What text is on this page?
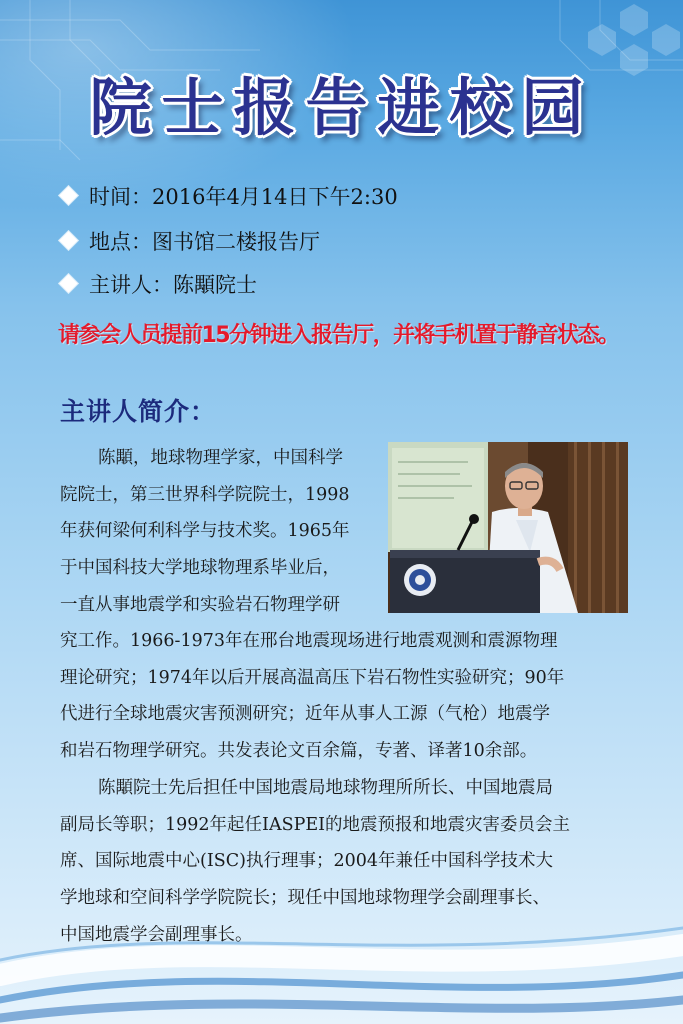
院士报告进校园
时间：2016年4月14日下午2:30
地点：图书馆二楼报告厅
主讲人：陈顒院士
请参会人员提前15分钟进入报告厅，并将手机置于静音状态。
主讲人简介：

陈顒，地球物理学家，中国科学

院院士，第三世界科学院院士，1998

年获何梁何利科学与技术奖。1965年

于中国科技大学地球物理系毕业后，

一直从事地震学和实验岩石物理学研

究工作。1966-1973年在邢台地震现场进行地震观测和震源物理

理论研究；1974年以后开展高温高压下岩石物性实验研究；90年

代进行全球地震灾害预测研究；近年从事人工源（气枪）地震学

和岩石物理学研究。共发表论文百余篇，专著、译著10余部。

陈顒院士先后担任中国地震局地球物理所所长、中国地震局

副局长等职；1992年起任IASPEI的地震预报和地震灾害委员会主

席、国际地震中心(ISC)执行理事；2004年兼任中国科学技术大

学地球和空间科学学院院长；现任中国地球物理学会副理事长、

中国地震学会副理事长。
